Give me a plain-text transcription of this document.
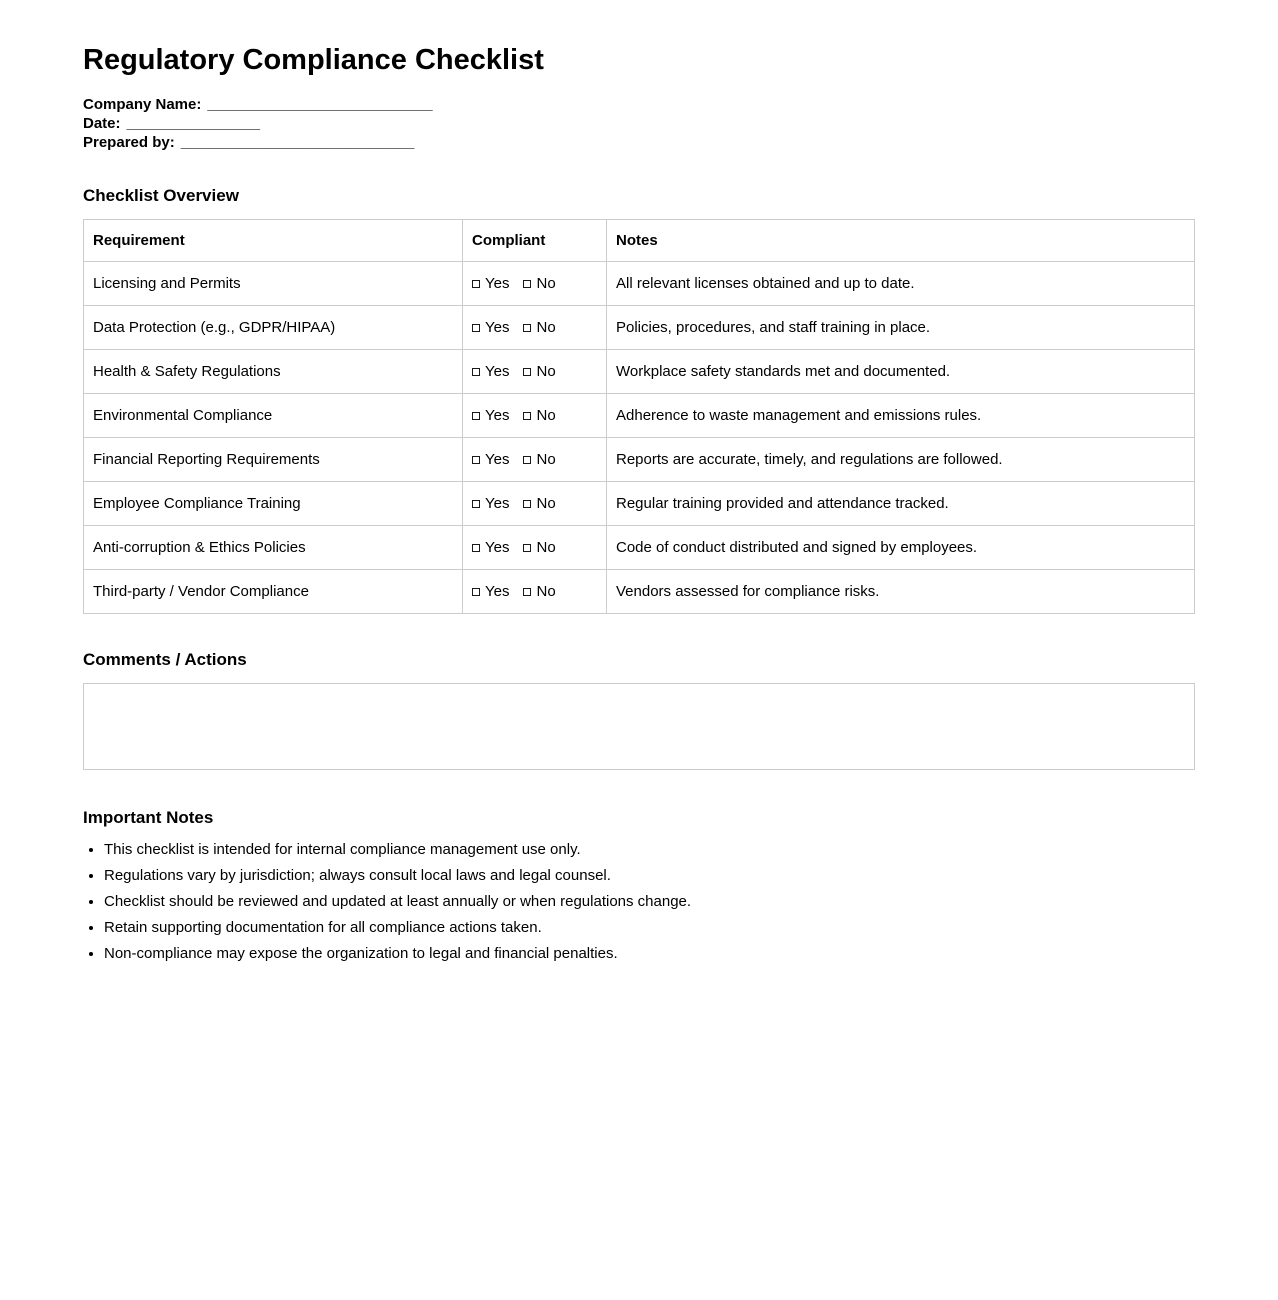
Regulatory Compliance Checklist
Company Name: ___________________________
Date: ________________
Prepared by: ____________________________
Checklist Overview
Requirement	Compliant	Notes
Licensing and Permits	Yes No	All relevant licenses obtained and up to date.
Data Protection (e.g., GDPR/HIPAA)	Yes No	Policies, procedures, and staff training in place.
Health & Safety Regulations	Yes No	Workplace safety standards met and documented.
Environmental Compliance	Yes No	Adherence to waste management and emissions rules.
Financial Reporting Requirements	Yes No	Reports are accurate, timely, and regulations are followed.
Employee Compliance Training	Yes No	Regular training provided and attendance tracked.
Anti-corruption & Ethics Policies	Yes No	Code of conduct distributed and signed by employees.
Third-party / Vendor Compliance	Yes No	Vendors assessed for compliance risks.
Comments / Actions
Important Notes
• This checklist is intended for internal compliance management use only.
• Regulations vary by jurisdiction; always consult local laws and legal counsel.
• Checklist should be reviewed and updated at least annually or when regulations change.
• Retain supporting documentation for all compliance actions taken.
• Non-compliance may expose the organization to legal and financial penalties.
